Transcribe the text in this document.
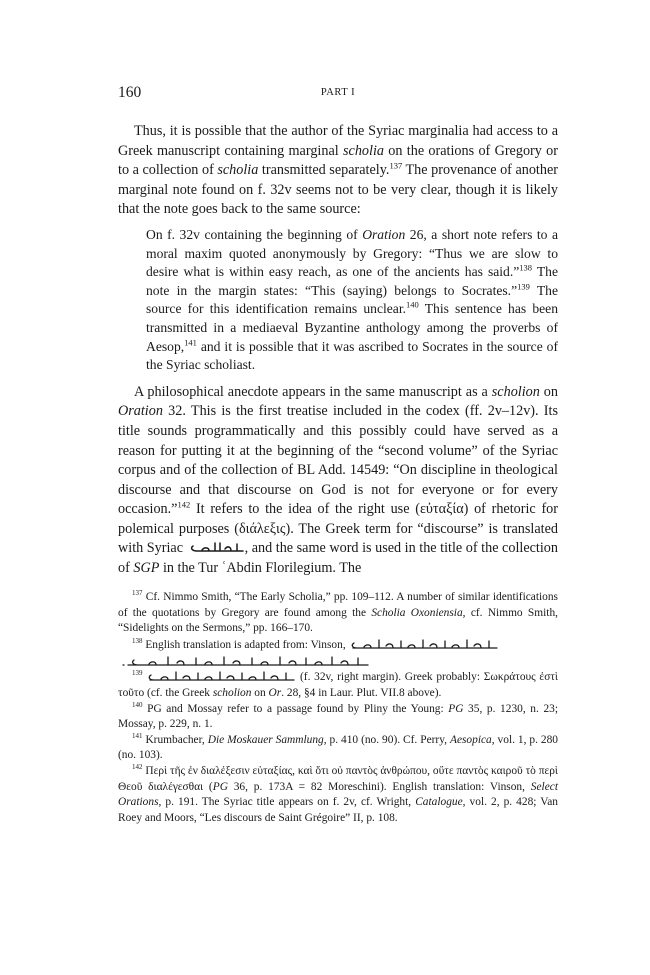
160	PART I

Thus, it is possible that the author of the Syriac marginalia had access to a Greek manuscript containing marginal scholia on the orations of Gregory or to a collection of scholia transmitted separately.$^{137}$ The provenance of another marginal note found on f. 32v seems not to be very clear, though it is likely that the note goes back to the same source:

On f. 32v containing the beginning of Oration 26, a short note refers to a moral maxim quoted anonymously by Gregory: “Thus we are slow to desire what is within easy reach, as one of the ancients has said.”$^{138}$ The note in the margin states: “This (saying) belongs to Socrates.”$^{139}$ The source for this identification remains unclear.$^{140}$ This sentence has been transmitted in a mediaeval Byzantine anthology among the proverbs of Aesop,$^{141}$ and it is possible that it was ascribed to Socrates in the source of the Syriac scholiast.

A philosophical anecdote appears in the same manuscript as a scholion on Oration 32. This is the first treatise included in the codex (ff. 2v–12v). Its title sounds programmatically and this possibly could have served as a reason for putting it at the beginning of the “second volume” of the Syriac corpus and of the collection of BL Add. 14549: “On discipline in theological discourse and that discourse on God is not for everyone or for every occasion.”$^{142}$ It refers to the idea of the right use (εὐταξία) of rhetoric for polemical purposes (διάλεξις). The Greek term for “discourse” is translated with Syriac	, and the same word is used in the title of the collection of SGP in the Tur ʿAbdin Florilegium. The

$^{137}$ Cf. Nimmo Smith, “The Early Scholia,” pp. 109–112. A number of similar identifications of the quotations by Gregory are found among the Scholia Oxoniensia, cf. Nimmo Smith, “Sidelights on the Sermons,” pp. 166–170.

$^{138}$ English translation is adapted from: Vinson,

$^{139}$	(f. 32v, right margin). Greek probably: Σωκράτους ἐστὶ τοῦτο (cf. the Greek scholion on Or. 28, §4 in Laur. Plut. VII.8 above).

$^{140}$ PG and Mossay refer to a passage found by Pliny the Young: PG 35, p. 1230, n. 23; Mossay, p. 229, n. 1.

$^{141}$ Krumbacher, Die Moskauer Sammlung, p. 410 (no. 90). Cf. Perry, Aesopica, vol. 1, p. 280 (no. 103).

$^{142}$ Περὶ τῆς ἐν διαλέξεσιν εὐταξίας, καὶ ὅτι οὐ παντὸς ἀνθρώπου, οὔτε παντὸς καιροῦ τὸ περὶ Θεοῦ διαλέγεσθαι (PG 36, p. 173A = 82 Moreschini). English translation: Vinson, Select Orations, p. 191. The Syriac title appears on f. 2v, cf. Wright, Catalogue, vol. 2, p. 428; Van Roey and Moors, “Les discours de Saint Grégoire” II, p. 108.
